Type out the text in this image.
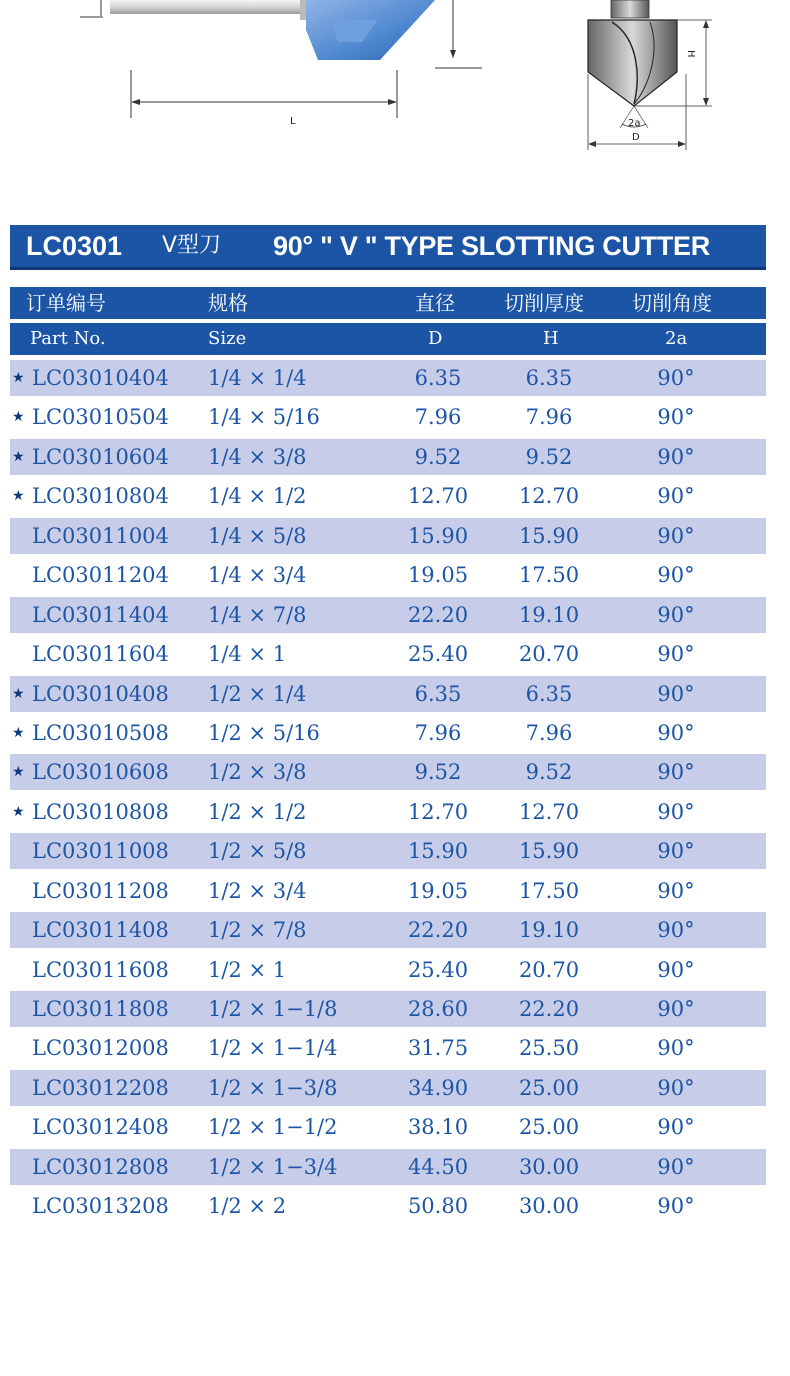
L
H
2a
D
LC0301 V型刀 90° " V " TYPE SLOTTING CUTTER
订单编号	规格	直径 切削厚度 切削角度
Part No.	Size	D	H	2a
★ LC03010404 1/4 × 1/4	6.35	6.35	90°
★ LC03010504 1/4 × 5/16	7.96	7.96	90°
★ LC03010604 1/4 × 3/8	9.52	9.52	90°
★ LC03010804 1/4 × 1/2	12.70 12.70	90°
LC03011004 1/4 × 5/8	15.90 15.90	90°
LC03011204 1/4 × 3/4	19.05 17.50	90°
LC03011404 1/4 × 7/8	22.20 19.10	90°
LC03011604 1/4 × 1	25.40 20.70	90°
★ LC03010408 1/2 × 1/4	6.35	6.35	90°
★ LC03010508 1/2 × 5/16	7.96	7.96	90°
★ LC03010608 1/2 × 3/8	9.52	9.52	90°
★ LC03010808 1/2 × 1/2	12.70 12.70	90°
LC03011008 1/2 × 5/8	15.90 15.90	90°
LC03011208 1/2 × 3/4	19.05 17.50	90°
LC03011408 1/2 × 7/8	22.20 19.10	90°
LC03011608 1/2 × 1	25.40 20.70	90°
LC03011808 1/2 × 1−1/8	28.60 22.20	90°
LC03012008 1/2 × 1−1/4	31.75 25.50	90°
LC03012208 1/2 × 1−3/8	34.90 25.00	90°
LC03012408 1/2 × 1−1/2	38.10 25.00	90°
LC03012808 1/2 × 1−3/4	44.50 30.00	90°
LC03013208 1/2 × 2	50.80 30.00	90°
